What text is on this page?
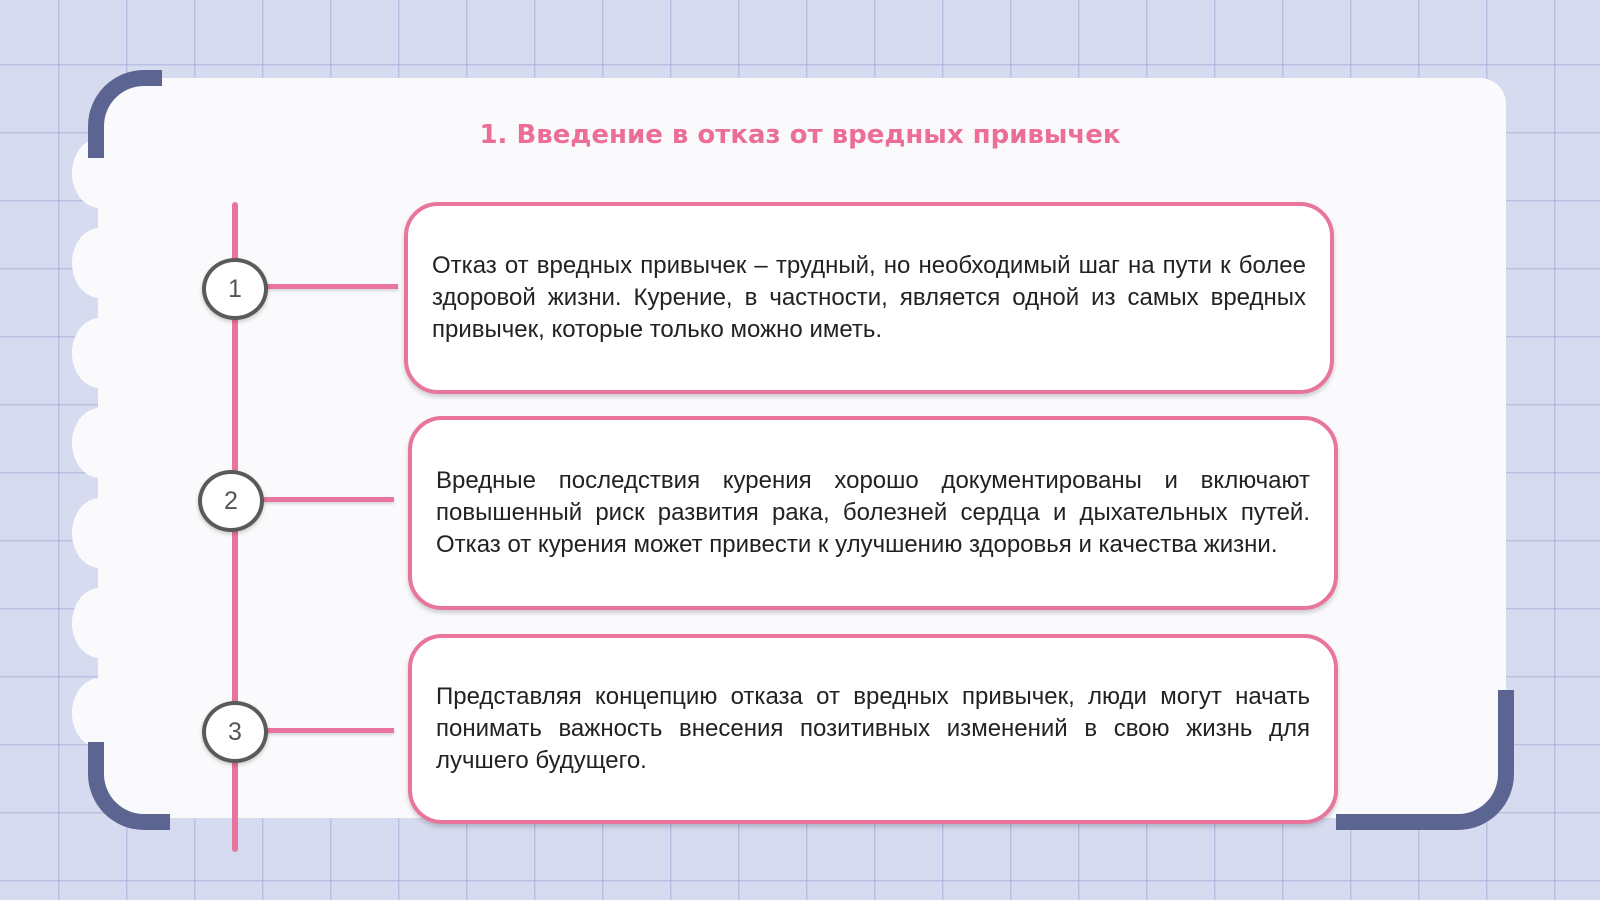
1. Введение в отказ от вредных привычек
1
2
3

Отказ от вредных привычек – трудный, но необходимый шаг на пути к более здоровой жизни. Курение, в частности, является одной из самых вредных привычек, которые только можно иметь.

Вредные последствия курения хорошо документированы и включают повышенный риск развития рака, болезней сердца и дыхательных путей. Отказ от курения может привести к улучшению здоровья и качества жизни.

Представляя концепцию отказа от вредных привычек, люди могут начать понимать важность внесения позитивных изменений в свою жизнь для лучшего будущего.
